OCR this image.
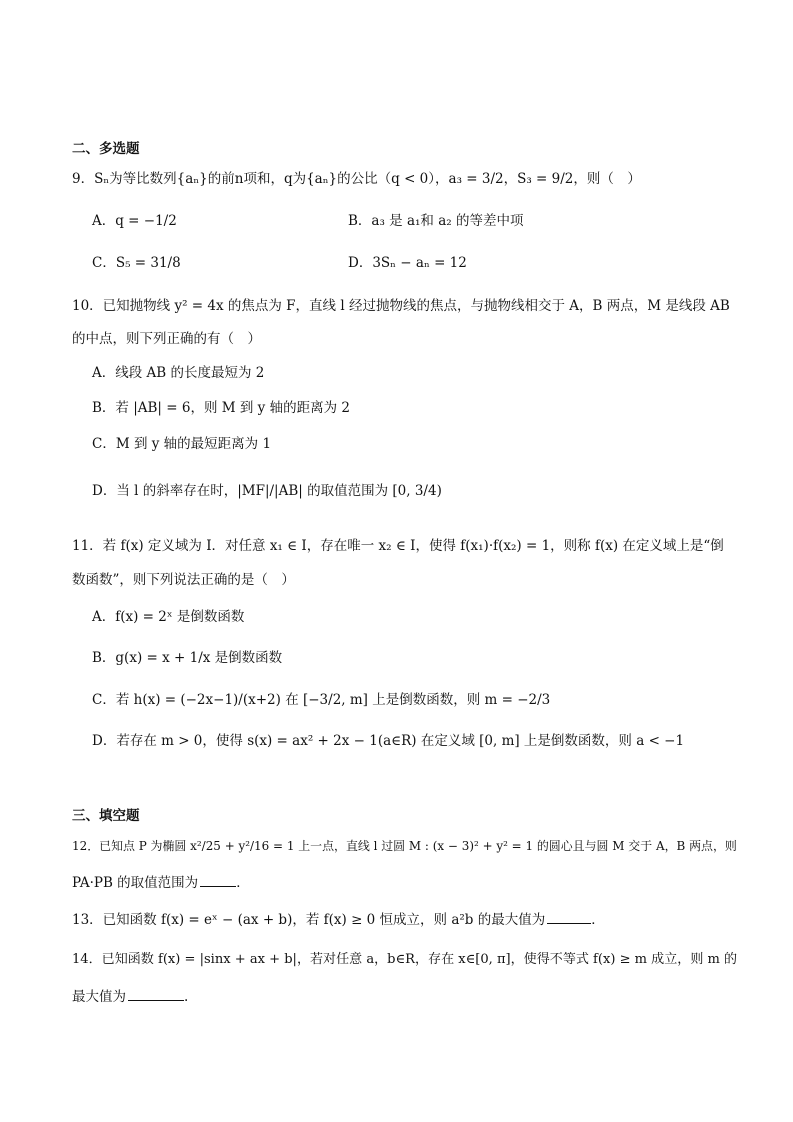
二、多选题
9．Sₙ为等比数列{aₙ}的前n项和，q为{aₙ}的公比（q < 0），a₃ = 3/2，S₃ = 9/2，则（　）
A．q = −1/2	B．a₃ 是 a₁和 a₂ 的等差中项
C．S₅ = 31/8	D．3Sₙ − aₙ = 12
10．已知抛物线 y² = 4x 的焦点为 F，直线 l 经过抛物线的焦点，与抛物线相交于 A，B 两点，M 是线段 AB
的中点，则下列正确的有（　）
A．线段 AB 的长度最短为 2
B．若 |AB| = 6，则 M 到 y 轴的距离为 2
C．M 到 y 轴的最短距离为 1
D．当 l 的斜率存在时，|MF|/|AB| 的取值范围为 [0, 3/4)
11．若 f(x) 定义域为 I．对任意 x₁ ∈ I，存在唯一 x₂ ∈ I，使得 f(x₁)·f(x₂) = 1，则称 f(x) 在定义域上是“倒
数函数”，则下列说法正确的是（　）
A．f(x) = 2ˣ 是倒数函数
B．g(x) = x + 1/x 是倒数函数
C．若 h(x) = (−2x−1)/(x+2) 在 [−3/2, m] 上是倒数函数，则 m = −2/3
D．若存在 m > 0，使得 s(x) = ax² + 2x − 1(a∈R) 在定义域 [0, m] 上是倒数函数，则 a < −1
三、填空题
12．已知点 P 为椭圆 x²/25 + y²/16 = 1 上一点，直线 l 过圆 M : (x − 3)² + y² = 1 的圆心且与圆 M 交于 A，B 两点，则
PA·PB 的取值范围为	．
13．已知函数 f(x) = eˣ − (ax + b)，若 f(x) ≥ 0 恒成立，则 a²b 的最大值为	．
14．已知函数 f(x) = |sinx + ax + b|，若对任意 a，b∈R，存在 x∈[0, π]，使得不等式 f(x) ≥ m 成立，则 m 的
最大值为	.
